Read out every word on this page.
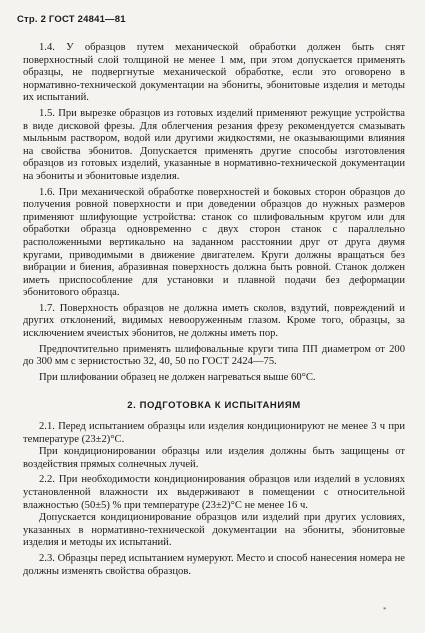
Стр. 2 ГОСТ 24841—81

1.4. У образцов путем механической обработки должен быть снят поверхностный слой толщиной не менее 1 мм, при этом допускается применять образцы, не подвергнутые механической обработке, если это оговорено в нормативно-технической документации на эбониты, эбонитовые изделия и методы их испытаний.

1.5. При вырезке образцов из готовых изделий применяют режущие устройства в виде дисковой фрезы. Для облегчения резания фрезу рекомендуется смазывать мыльным раствором, водой или другими жидкостями, не оказывающими влияния на свойства эбонитов. Допускается применять другие способы изготовления образцов из готовых изделий, указанные в нормативно-технической документации на эбониты и эбонитовые изделия.

1.6. При механической обработке поверхностей и боковых сторон образцов до получения ровной поверхности и при доведении образцов до нужных размеров применяют шлифующие устройства: станок со шлифовальным кругом или для обработки образца одновременно с двух сторон станок с параллельно расположенными вертикально на заданном расстоянии друг от друга двумя кругами, приводимыми в движение двигателем. Круги должны вращаться без вибрации и биения, абразивная поверхность должна быть ровной. Станок должен иметь приспособление для установки и плавной подачи без деформации эбонитового образца.

1.7. Поверхность образцов не должна иметь сколов, вздутий, повреждений и других отклонений, видимых невооруженным глазом. Кроме того, образцы, за исключением ячеистых эбонитов, не должны иметь пор.

Предпочтительно применять шлифовальные круги типа ПП диаметром от 200 до 300 мм с зернистостью 32, 40, 50 по ГОСТ 2424—75.

При шлифовании образец не должен нагреваться выше 60°С.

2. ПОДГОТОВКА К ИСПЫТАНИЯМ

2.1. Перед испытанием образцы или изделия кондиционируют не менее 3 ч при температуре (23±2)°С.

При кондиционировании образцы или изделия должны быть защищены от воздействия прямых солнечных лучей.

2.2. При необходимости кондиционирования образцов или изделий в условиях установленной влажности их выдерживают в помещении с относительной влажностью (50±5) % при температуре (23±2)°С не менее 16 ч.

Допускается кондиционирование образцов или изделий при других условиях, указанных в нормативно-технической документации на эбониты, эбонитовые изделия и методы их испытаний.

2.3. Образцы перед испытанием нумеруют. Место и способ нанесения номера не должны изменять свойства образцов.

*
